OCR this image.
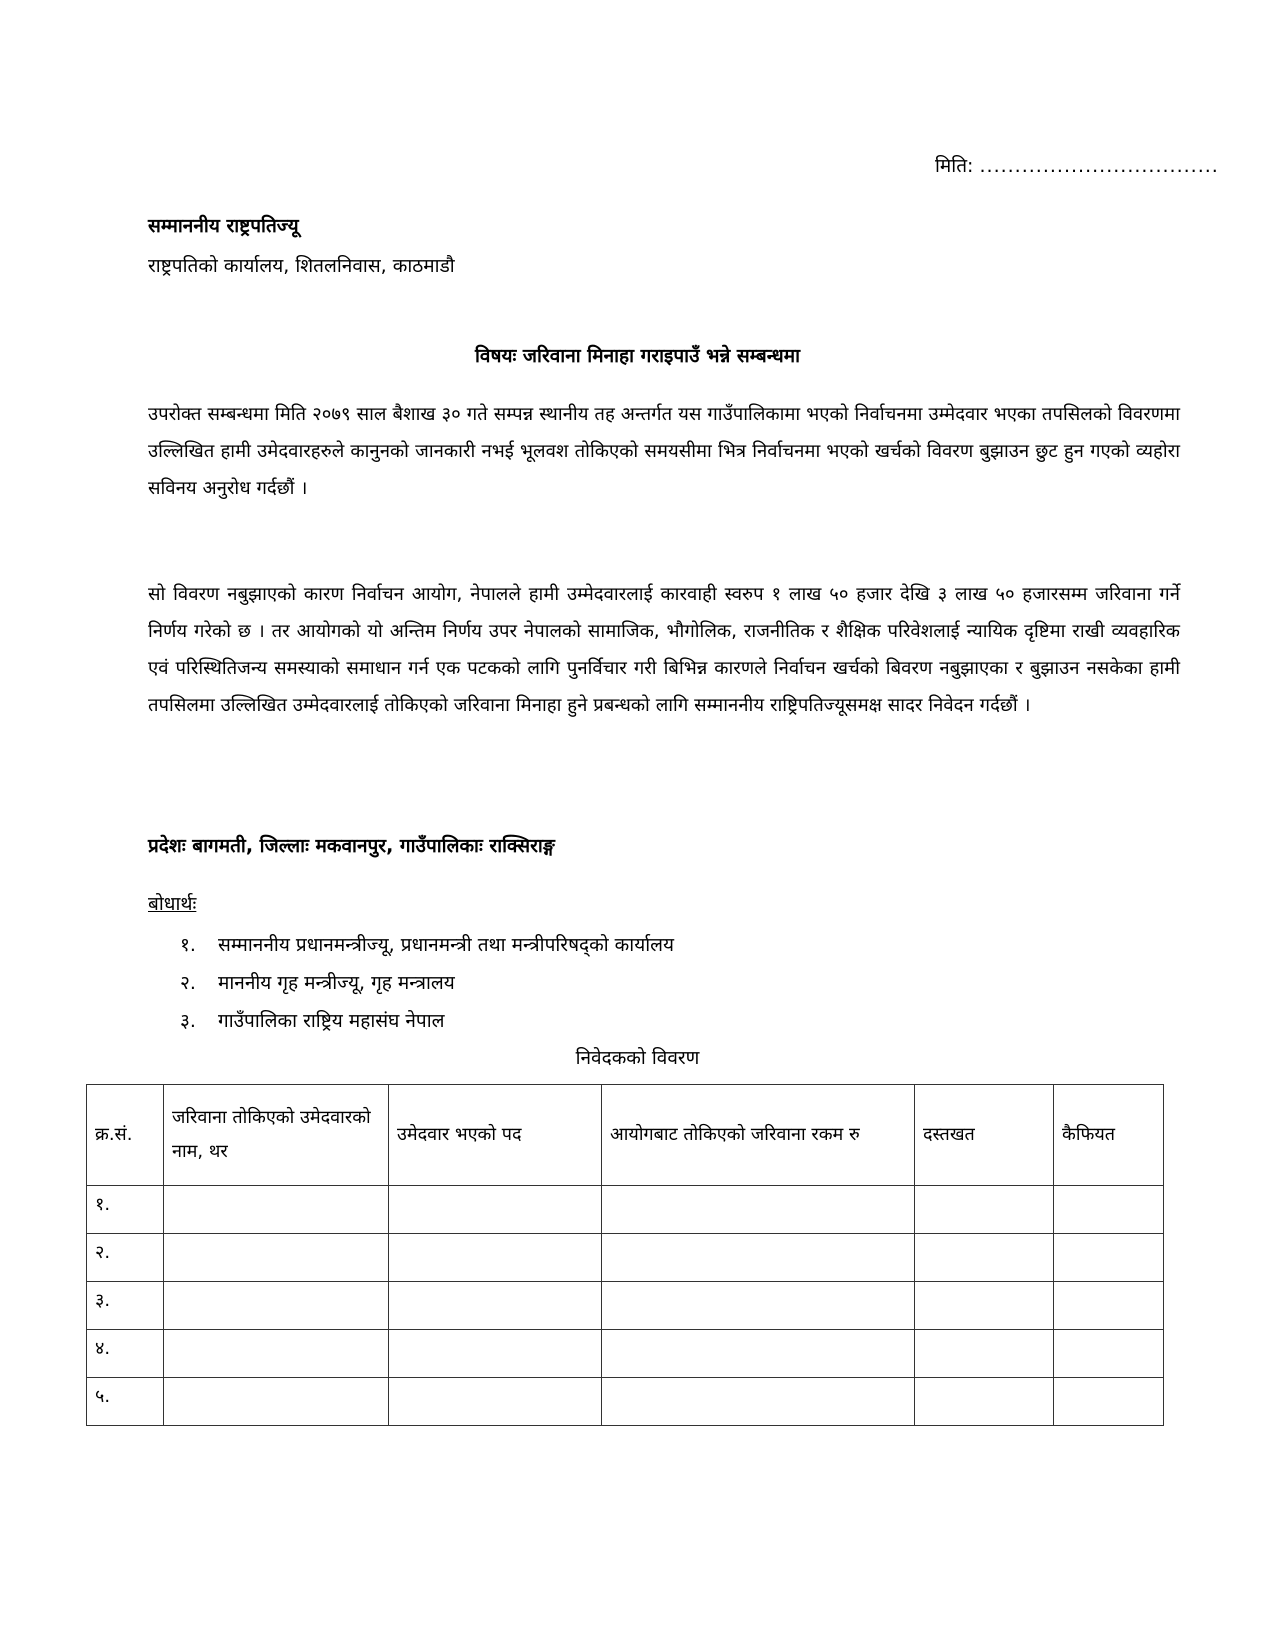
मिति: ..................................
सम्माननीय राष्ट्रपतिज्यू
राष्ट्रपतिको कार्यालय, शितलनिवास, काठमाडौ
विषयः जरिवाना मिनाहा गराइपाउँ भन्ने सम्बन्धमा

उपरोक्त सम्बन्धमा मिति २०७९ साल बैशाख ३० गते सम्पन्न स्थानीय तह अन्तर्गत यस गाउँपालिकामा भएको निर्वाचनमा उम्मेदवार भएका तपसिलको विवरणमा उल्लिखित हामी उमेदवारहरुले कानुनको जानकारी नभई भूलवश तोकिएको समयसीमा भित्र निर्वाचनमा भएको खर्चको विवरण बुझाउन छुट हुन गएको व्यहोरा सविनय अनुरोध गर्दछौं ।

सो विवरण नबुझाएको कारण निर्वाचन आयोग, नेपालले हामी उम्मेदवारलाई कारवाही स्वरुप १ लाख ५० हजार देखि ३ लाख ५० हजारसम्म जरिवाना गर्ने निर्णय गरेको छ । तर आयोगको यो अन्तिम निर्णय उपर नेपालको सामाजिक, भौगोलिक, राजनीतिक र शैक्षिक परिवेशलाई न्यायिक दृष्टिमा राखी व्यवहारिक एवं परिस्थितिजन्य समस्याको समाधान गर्न एक पटकको लागि पुनर्विचार गरी बिभिन्न कारणले निर्वाचन खर्चको बिवरण नबुझाएका र बुझाउन नसकेका हामी तपसिलमा उल्लिखित उम्मेदवारलाई तोकिएको जरिवाना मिनाहा हुने प्रबन्धको लागि सम्माननीय राष्ट्रिपतिज्यूसमक्ष सादर निवेदन गर्दछौं ।

प्रदेशः बागमती, जिल्लाः मकवानपुर, गाउँपालिकाः राक्सिराङ्ग
बोधार्थः
१. सम्माननीय प्रधानमन्त्रीज्यू, प्रधानमन्त्री तथा मन्त्रीपरिषद्को कार्यालय
२. माननीय गृह मन्त्रीज्यू, गृह मन्त्रालय
३. गाउँपालिका राष्ट्रिय महासंघ नेपाल
निवेदकको विवरण
क्र.सं.	जरिवाना तोकिएको उमेदवारको नाम, थर	उमेदवार भएको पद	आयोगबाट तोकिएको जरिवाना रकम रु	दस्तखत	कैफियत
१.					
२.					
३.					
४.					
५.					
